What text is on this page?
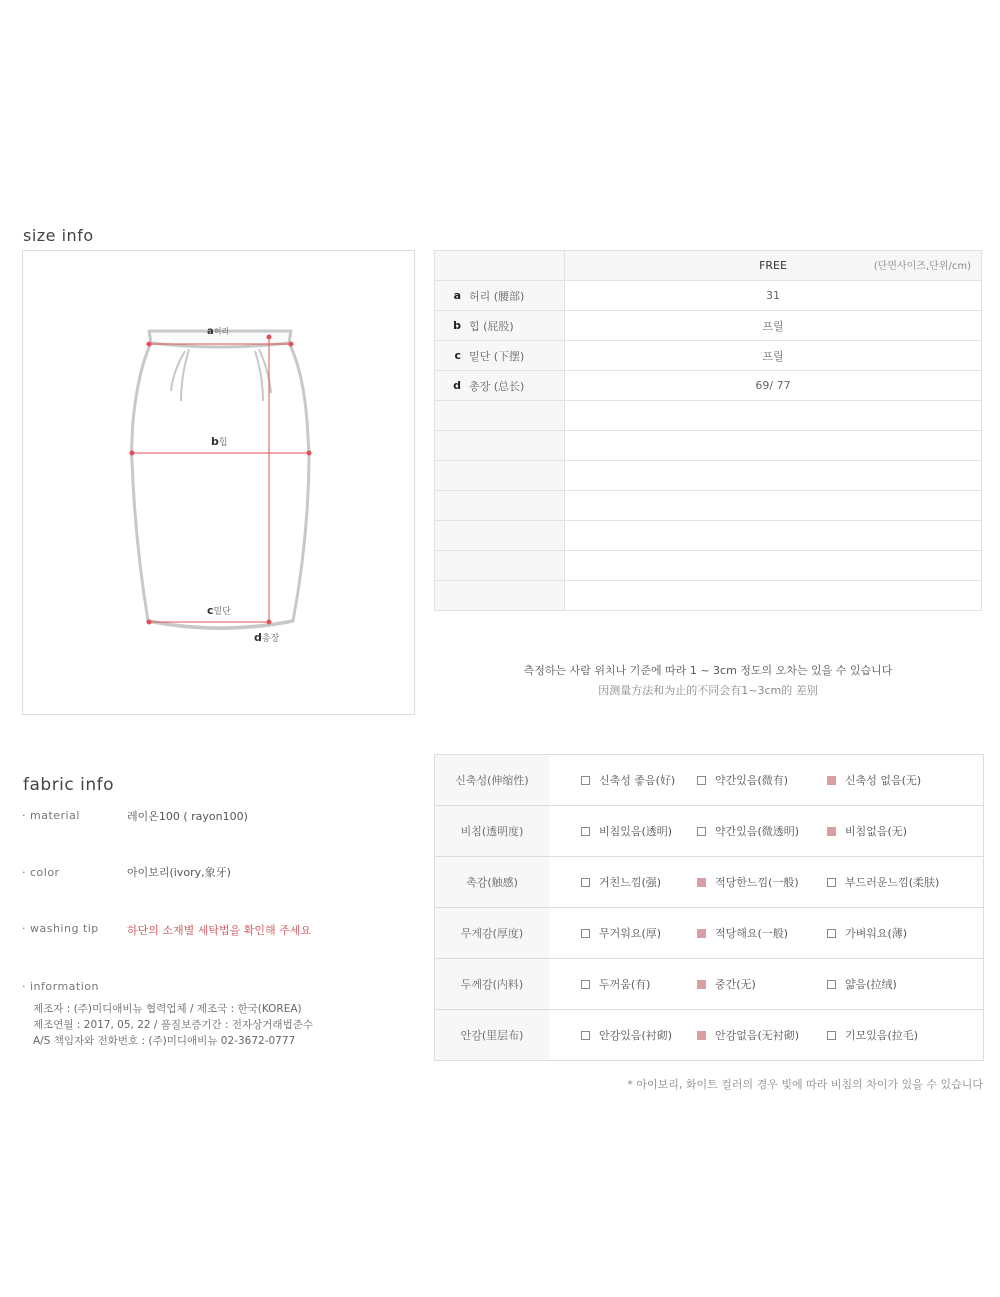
size info
a허리
b힙
c밑단
d총장
	FREE (단면사이즈,단위/cm)

a 허리 (腰部)	31

b 힙 (屁股)	프릴

c 밑단 (下摆)	프릴

d 총장 (总长)	69/ 77

측정하는 사람 위치나 기준에 따라 1 ~ 3cm 정도의 오차는 있을 수 있습니다
因测量方法和为止的不同会有1~3cm的 差别
fabric info
· material	레이온100 ( rayon100)
· color	아이보리(ivory,象牙)
· washing tip	하단의 소재별 세탁법을 확인해 주세요
· information
제조자 : (주)미디애비뉴 협력업체 / 제조국 : 한국(KOREA)
제조연월 : 2017, 05, 22 / 품질보증기간 : 전자상거래법준수
A/S 책임자와 전화번호 : (주)미디애비뉴 02-3672-0777
신축성(伸缩性)	신축성 좋음(好)	약간있음(微有)	신축성 없음(无)
비침(透明度)	비침있음(透明)	약간있음(微透明)	비침없음(无)
촉감(触感)	거친느낌(强)	적당한느낌(一般)	부드러운느낌(柔肤)
무게감(厚度)	무거워요(厚)	적당해요(一般)	가벼워요(薄)
두께감(内料)	두꺼움(有)	중간(无)	얇음(拉绒)
안감(里层布)	안감있음(衬砌)	안감없음(无衬砌)	기모있음(拉毛)
* 아이보리, 화이트 컬러의 경우 빛에 따라 비침의 차이가 있을 수 있습니다
